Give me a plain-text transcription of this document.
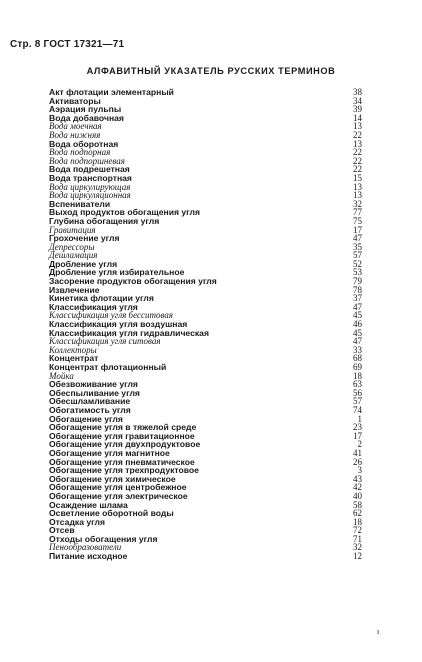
Стр. 8 ГОСТ 17321—71
АЛФАВИТНЫЙ УКАЗАТЕЛЬ РУССКИХ ТЕРМИНОВ
Акт флотации элементарный	38
Активаторы	34
Аэрация пульпы	39
Вода добавочная	14
Вода моечная	13
Вода нижняя	22
Вода оборотная	13
Вода подпорная	22
Вода подпоршневая	22
Вода подрешетная	22
Вода транспортная	15
Вода циркулирующая	13
Вода циркуляционная	13
Вспениватели	32
Выход продуктов обогащения угля	77
Глубина обогащения угля	75
Гравитация	17
Грохочение угля	47
Депрессоры	35
Дешламация	57
Дробление угля	52
Дробление угля избирательное	53
Засорение продуктов обогащения угля	79
Извлечение	78
Кинетика флотации угля	37
Классификация угля	47
Классификация угля бесситовая	45
Классификация угля воздушная	46
Классификация угля гидравлическая	45
Классификация угля ситовая	47
Коллекторы	33
Концентрат	68
Концентрат флотационный	69
Мойка	18
Обезвоживание угля	63
Обеспыливание угля	56
Обесшламливание	57
Обогатимость угля	74
Обогащение угля	1
Обогащение угля в тяжелой среде	23
Обогащение угля гравитационное	17
Обогащение угля двухпродуктовое	2
Обогащение угля магнитное	41
Обогащение угля пневматическое	26
Обогащение угля трехпродуктовое	3
Обогащение угля химическое	43
Обогащение угля центробежное	42
Обогащение угля электрическое	40
Осаждение шлама	58
Осветление оборотной воды	62
Отсадка угля	18
Отсев	72
Отходы обогащения угля	71
Пенообразователи	32
Питание исходное	12
ı
